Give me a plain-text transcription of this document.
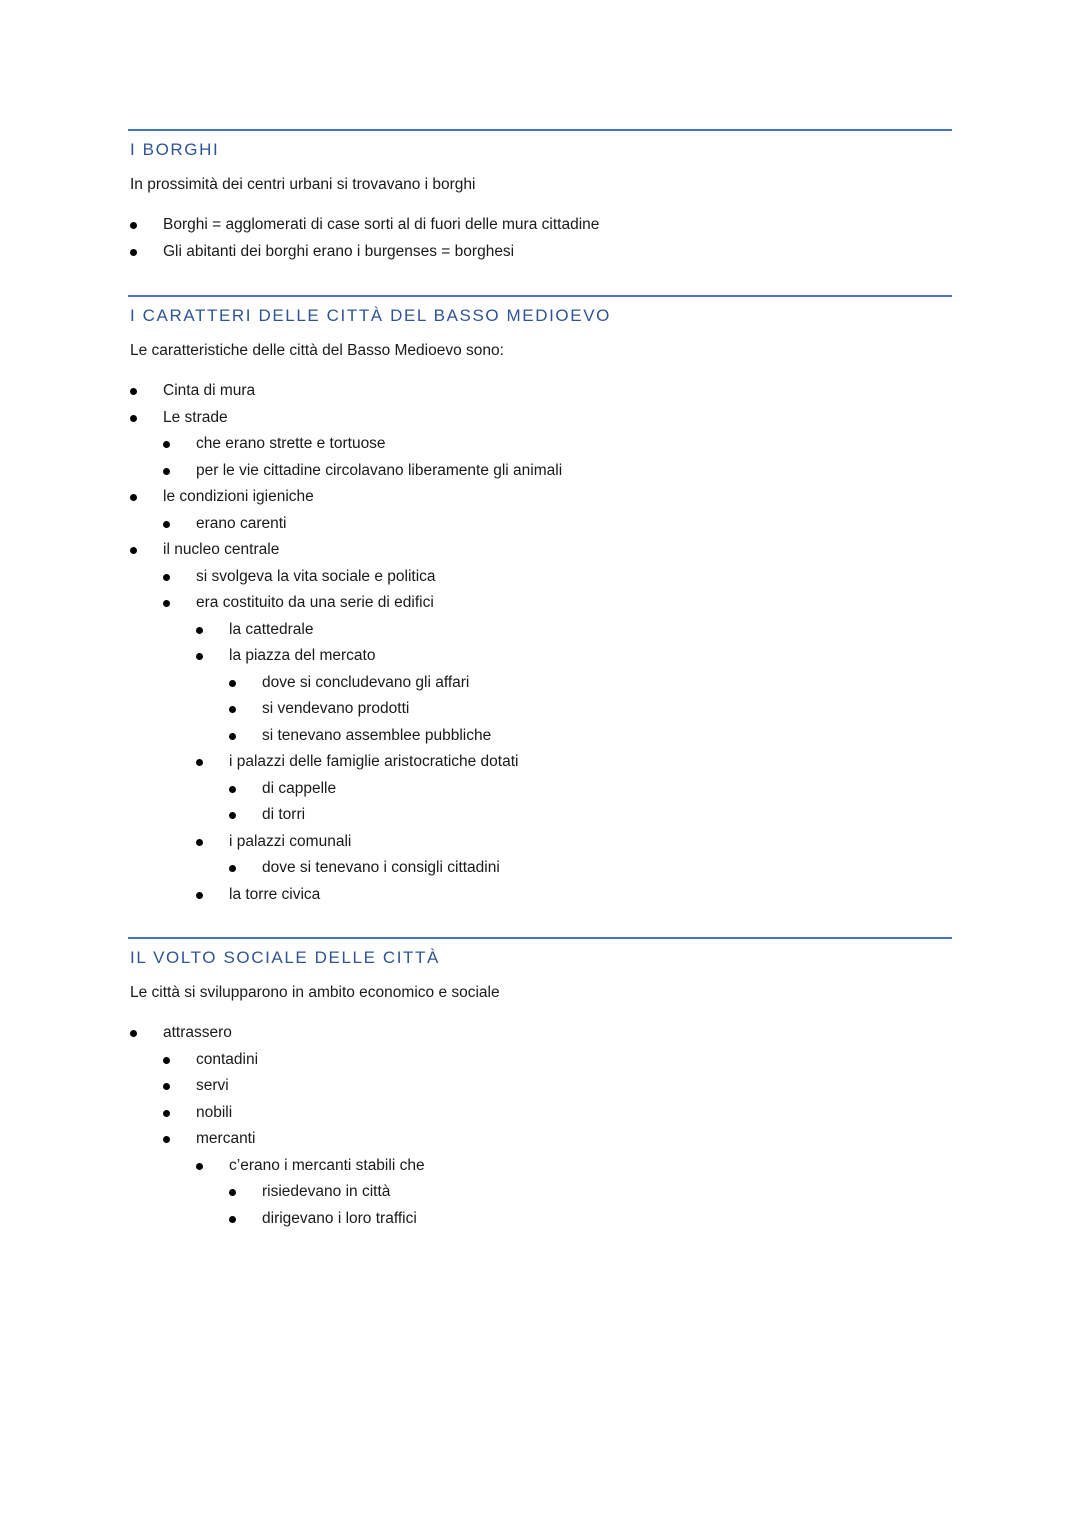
I BORGHI
In prossimità dei centri urbani si trovavano i borghi
Borghi = agglomerati di case sorti al di fuori delle mura cittadine
Gli abitanti dei borghi erano i burgenses = borghesi
I CARATTERI DELLE CITTÀ DEL BASSO MEDIOEVO
Le caratteristiche delle città del Basso Medioevo sono:
Cinta di mura
Le strade
che erano strette e tortuose
per le vie cittadine circolavano liberamente gli animali
le condizioni igieniche
erano carenti
il nucleo centrale
si svolgeva la vita sociale e politica
era costituito da una serie di edifici
la cattedrale
la piazza del mercato
dove si concludevano gli affari
si vendevano prodotti
si tenevano assemblee pubbliche
i palazzi delle famiglie aristocratiche dotati
di cappelle
di torri
i palazzi comunali
dove si tenevano i consigli cittadini
la torre civica
IL VOLTO SOCIALE DELLE CITTÀ
Le città si svilupparono in ambito economico e sociale
attrassero
contadini
servi
nobili
mercanti
c’erano i mercanti stabili che
risiedevano in città
dirigevano i loro traffici
